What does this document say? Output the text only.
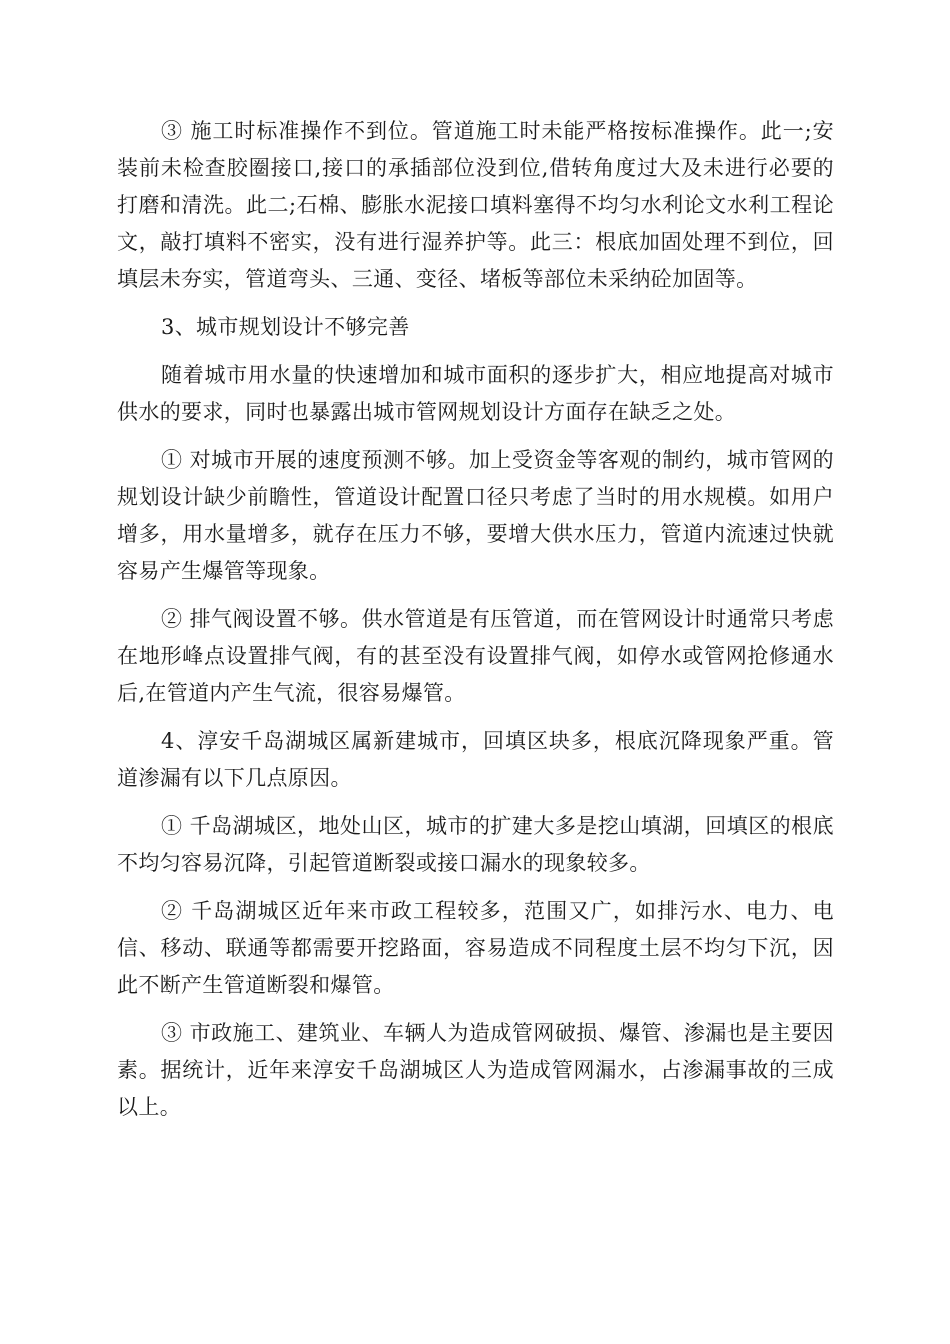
③ 施工时标准操作不到位。管道施工时未能严格按标准操作。此一;安装前未检查胶圈接口,接口的承插部位没到位,借转角度过大及未进行必要的打磨和清洗。此二;石棉、膨胀水泥接口填料塞得不均匀水利论文水利工程论文，敲打填料不密实，没有进行湿养护等。此三：根底加固处理不到位，回填层未夯实，管道弯头、三通、变径、堵板等部位未采纳砼加固等。

3、城市规划设计不够完善

随着城市用水量的快速增加和城市面积的逐步扩大，相应地提高对城市供水的要求，同时也暴露出城市管网规划设计方面存在缺乏之处。

① 对城市开展的速度预测不够。加上受资金等客观的制约，城市管网的规划设计缺少前瞻性，管道设计配置口径只考虑了当时的用水规模。如用户增多，用水量增多，就存在压力不够，要增大供水压力，管道内流速过快就容易产生爆管等现象。

② 排气阀设置不够。供水管道是有压管道，而在管网设计时通常只考虑在地形峰点设置排气阀，有的甚至没有设置排气阀，如停水或管网抢修通水后,在管道内产生气流，很容易爆管。

4、淳安千岛湖城区属新建城市，回填区块多，根底沉降现象严重。管道渗漏有以下几点原因。

① 千岛湖城区，地处山区，城市的扩建大多是挖山填湖，回填区的根底不均匀容易沉降，引起管道断裂或接口漏水的现象较多。

② 千岛湖城区近年来市政工程较多，范围又广，如排污水、电力、电信、移动、联通等都需要开挖路面，容易造成不同程度土层不均匀下沉，因此不断产生管道断裂和爆管。

③ 市政施工、建筑业、车辆人为造成管网破损、爆管、渗漏也是主要因素。据统计，近年来淳安千岛湖城区人为造成管网漏水，占渗漏事故的三成以上。
